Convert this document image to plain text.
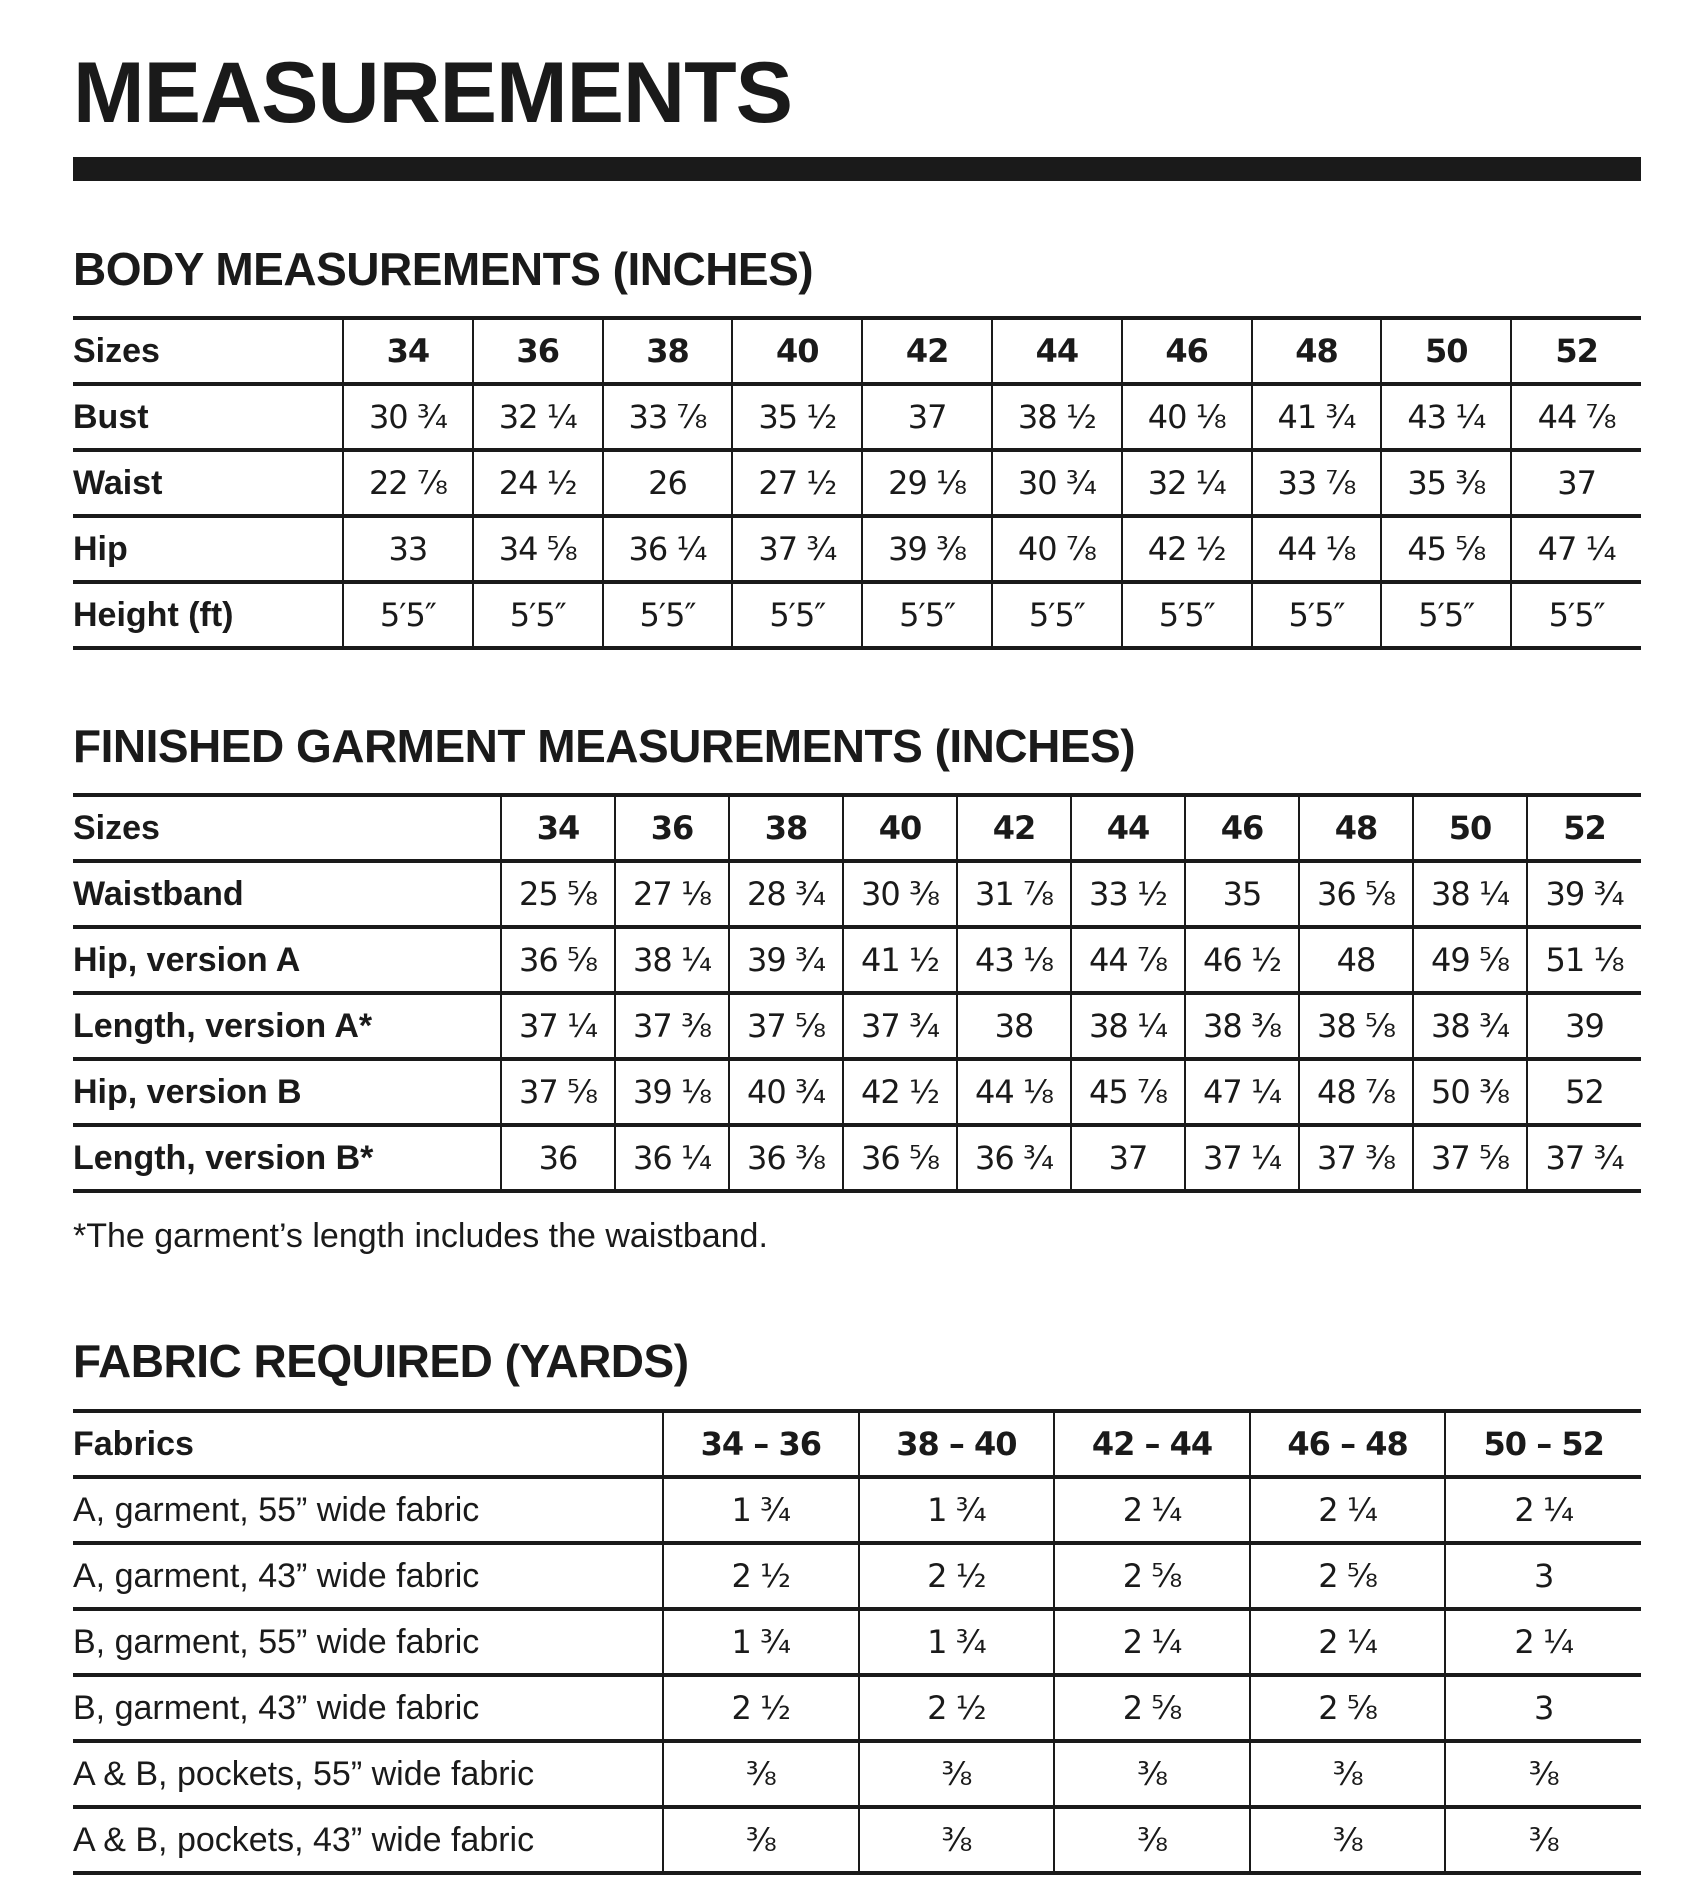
MEASUREMENTS
BODY MEASUREMENTS (INCHES)
Sizes	34	36	38	40	42	44	46	48	50	52
Bust	30 ¾	32 ¼	33 ⅞	35 ½	37	38 ½	40 ⅛	41 ¾	43 ¼	44 ⅞
Waist	22 ⅞	24 ½	26	27 ½	29 ⅛	30 ¾	32 ¼	33 ⅞	35 ⅜	37
Hip	33	34 ⅝	36 ¼	37 ¾	39 ⅜	40 ⅞	42 ½	44 ⅛	45 ⅝	47 ¼
Height (ft)	5′5″	5′5″	5′5″	5′5″	5′5″	5′5″	5′5″	5′5″	5′5″	5′5″
FINISHED GARMENT MEASUREMENTS (INCHES)
Sizes	34	36	38	40	42	44	46	48	50	52
Waistband	25 ⅝	27 ⅛	28 ¾	30 ⅜	31 ⅞	33 ½	35	36 ⅝	38 ¼	39 ¾
Hip, version A	36 ⅝	38 ¼	39 ¾	41 ½	43 ⅛	44 ⅞	46 ½	48	49 ⅝	51 ⅛
Length, version A*	37 ¼	37 ⅜	37 ⅝	37 ¾	38	38 ¼	38 ⅜	38 ⅝	38 ¾	39
Hip, version B	37 ⅝	39 ⅛	40 ¾	42 ½	44 ⅛	45 ⅞	47 ¼	48 ⅞	50 ⅜	52
Length, version B*	36	36 ¼	36 ⅜	36 ⅝	36 ¾	37	37 ¼	37 ⅜	37 ⅝	37 ¾

*The garment’s length includes the waistband.

FABRIC REQUIRED (YARDS)
Fabrics	34 – 36	38 – 40	42 – 44	46 – 48	50 – 52
A, garment, 55” wide fabric	1 ¾	1 ¾	2 ¼	2 ¼	2 ¼
A, garment, 43” wide fabric	2 ½	2 ½	2 ⅝	2 ⅝	3
B, garment, 55” wide fabric	1 ¾	1 ¾	2 ¼	2 ¼	2 ¼
B, garment, 43” wide fabric	2 ½	2 ½	2 ⅝	2 ⅝	3
A & B, pockets, 55” wide fabric	⅜	⅜	⅜	⅜	⅜
A & B, pockets, 43” wide fabric	⅜	⅜	⅜	⅜	⅜
